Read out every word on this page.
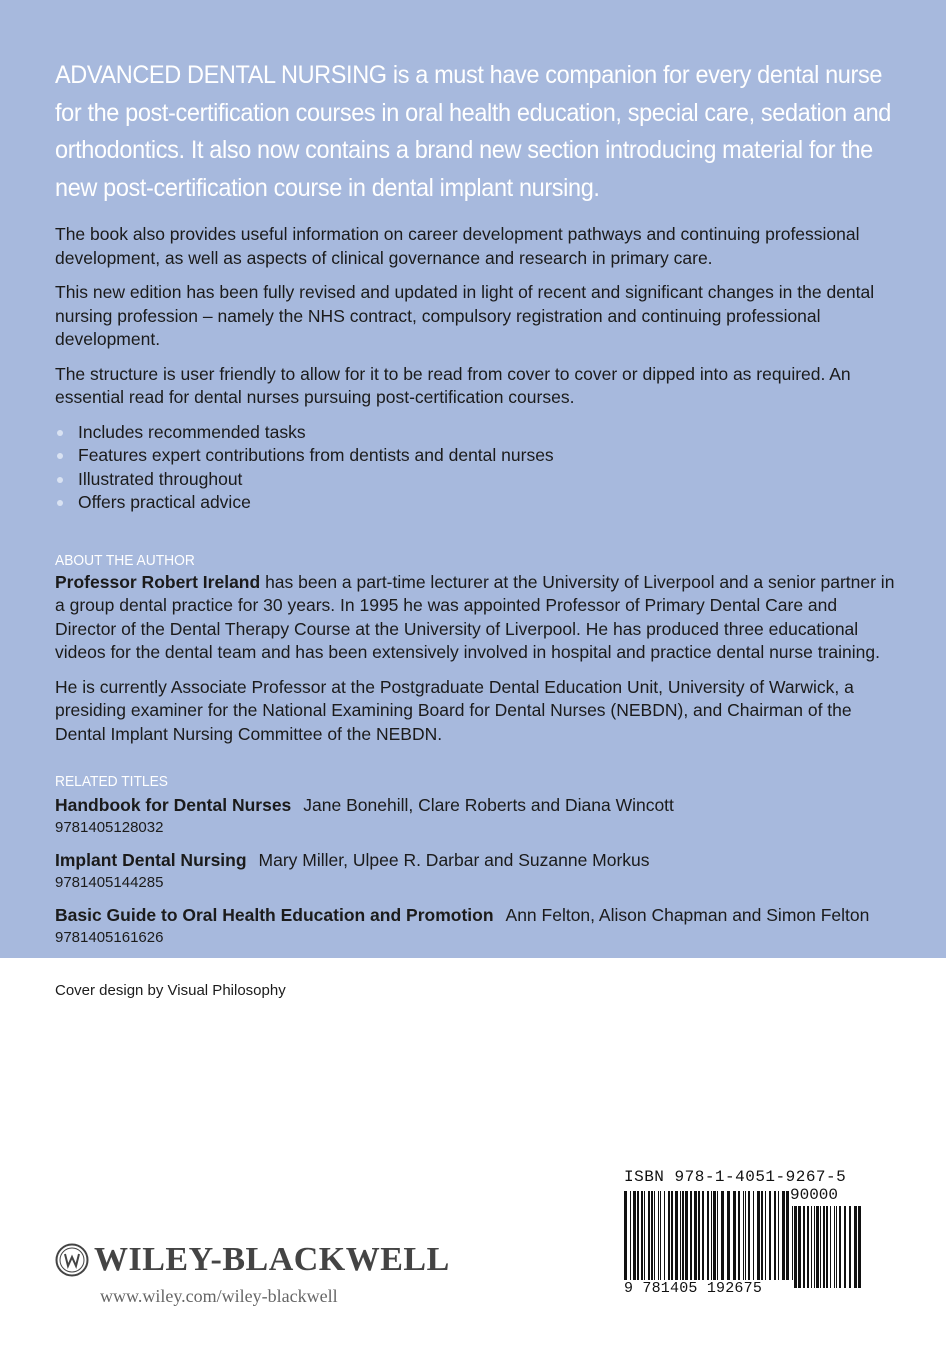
ADVANCED DENTAL NURSING is a must have companion for every dental nurse for the post-certification courses in oral health education, special care, sedation and orthodontics. It also now contains a brand new section introducing material for the new post-certification course in dental implant nursing.

The book also provides useful information on career development pathways and continuing professional development, as well as aspects of clinical governance and research in primary care.

This new edition has been fully revised and updated in light of recent and significant changes in the dental nursing profession – namely the NHS contract, compulsory registration and continuing professional development.

The structure is user friendly to allow for it to be read from cover to cover or dipped into as required. An essential read for dental nurses pursuing post-certification courses.

Includes recommended tasks
Features expert contributions from dentists and dental nurses
Illustrated throughout
Offers practical advice

ABOUT THE AUTHOR

Professor Robert Ireland has been a part-time lecturer at the University of Liverpool and a senior partner in a group dental practice for 30 years. In 1995 he was appointed Professor of Primary Dental Care and Director of the Dental Therapy Course at the University of Liverpool. He has produced three educational videos for the dental team and has been extensively involved in hospital and practice dental nurse training.

He is currently Associate Professor at the Postgraduate Dental Education Unit, University of Warwick, a presiding examiner for the National Examining Board for Dental Nurses (NEBDN), and Chairman of the Dental Implant Nursing Committee of the NEBDN.

RELATED TITLES

Handbook for Dental Nurses Jane Bonehill, Clare Roberts and Diana Wincott
9781405128032
Implant Dental Nursing Mary Miller, Ulpee R. Darbar and Suzanne Morkus
9781405144285
Basic Guide to Oral Health Education and Promotion Ann Felton, Alison Chapman and Simon Felton
9781405161626
Cover design by Visual Philosophy
WILEY-BLACKWELL
www.wiley.com/wiley-blackwell
ISBN 978-1-4051-9267-5
90000
9 781405 192675
